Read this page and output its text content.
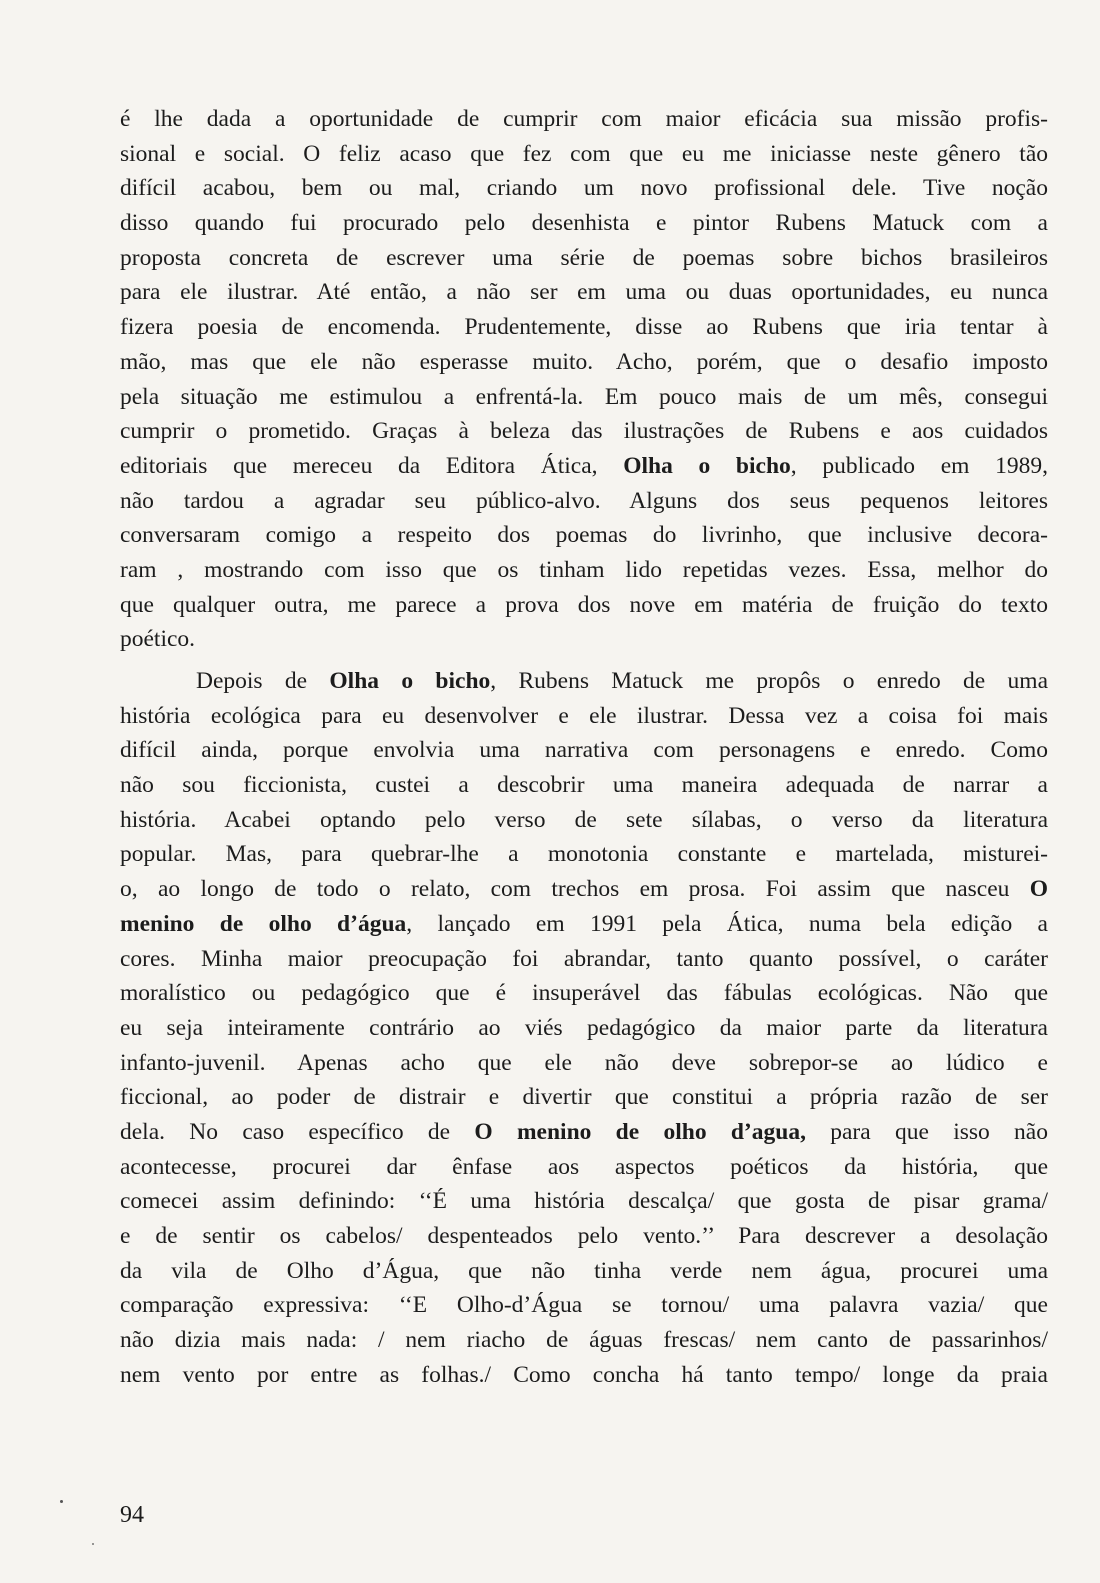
é lhe dada a oportunidade de cumprir com maior eficácia sua missão profis-
sional e social. O feliz acaso que fez com que eu me iniciasse neste gênero tão
difícil acabou, bem ou mal, criando um novo profissional dele. Tive noção
disso quando fui procurado pelo desenhista e pintor Rubens Matuck com a
proposta concreta de escrever uma série de poemas sobre bichos brasileiros
para ele ilustrar. Até então, a não ser em uma ou duas oportunidades, eu nunca
fizera poesia de encomenda. Prudentemente, disse ao Rubens que iria tentar à
mão, mas que ele não esperasse muito. Acho, porém, que o desafio imposto
pela situação me estimulou a enfrentá-la. Em pouco mais de um mês, consegui
cumprir o prometido. Graças à beleza das ilustrações de Rubens e aos cuidados
editoriais que mereceu da Editora Ática, Olha o bicho, publicado em 1989,
não tardou a agradar seu público-alvo. Alguns dos seus pequenos leitores
conversaram comigo a respeito dos poemas do livrinho, que inclusive decora-
ram , mostrando com isso que os tinham lido repetidas vezes. Essa, melhor do
que qualquer outra, me parece a prova dos nove em matéria de fruição do texto
poético.
Depois de Olha o bicho, Rubens Matuck me propôs o enredo de uma
história ecológica para eu desenvolver e ele ilustrar. Dessa vez a coisa foi mais
difícil ainda, porque envolvia uma narrativa com personagens e enredo. Como
não sou ficcionista, custei a descobrir uma maneira adequada de narrar a
história. Acabei optando pelo verso de sete sílabas, o verso da literatura
popular. Mas, para quebrar-lhe a monotonia constante e martelada, misturei-
o, ao longo de todo o relato, com trechos em prosa. Foi assim que nasceu O
menino de olho d’água, lançado em 1991 pela Ática, numa bela edição a
cores. Minha maior preocupação foi abrandar, tanto quanto possível, o caráter
moralístico ou pedagógico que é insuperável das fábulas ecológicas. Não que
eu seja inteiramente contrário ao viés pedagógico da maior parte da literatura
infanto-juvenil. Apenas acho que ele não deve sobrepor-se ao lúdico e
ficcional, ao poder de distrair e divertir que constitui a própria razão de ser
dela. No caso específico de O menino de olho d’agua, para que isso não
acontecesse, procurei dar ênfase aos aspectos poéticos da história, que
comecei assim definindo: ‘‘É uma história descalça/ que gosta de pisar grama/
e de sentir os cabelos/ despenteados pelo vento.’’ Para descrever a desolação
da vila de Olho d’Água, que não tinha verde nem água, procurei uma
comparação expressiva: ‘‘E Olho-d’Água se tornou/ uma palavra vazia/ que
não dizia mais nada: / nem riacho de águas frescas/ nem canto de passarinhos/
nem vento por entre as folhas./ Como concha há tanto tempo/ longe da praia
94
